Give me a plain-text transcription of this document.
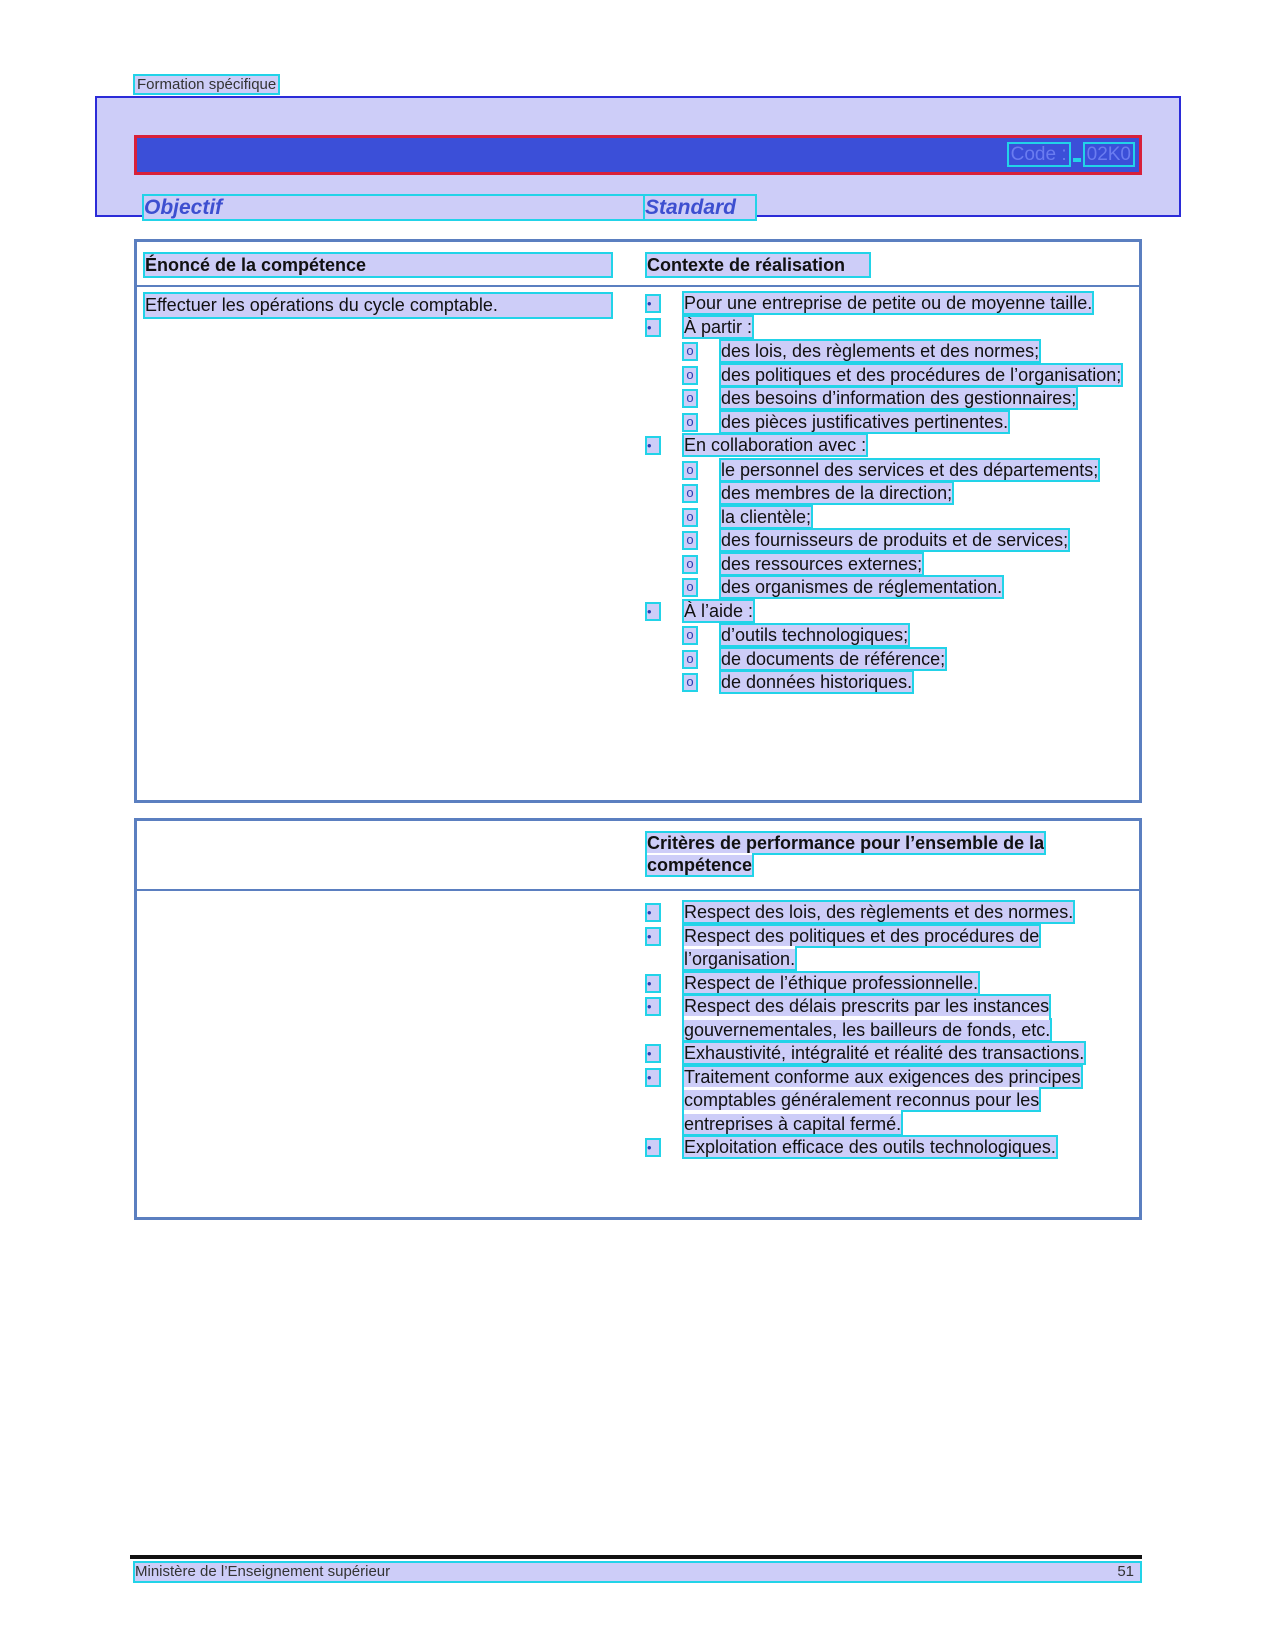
Formation spécifique
Code : 02K0
Objectif	Standard
Énoncé de la compétence	Contexte de réalisation
Effectuer les opérations du cycle comptable.	•	Pour une entreprise de petite ou de moyenne taille.
•	À partir :
o des lois, des règlements et des normes;
o des politiques et des procédures de l’organisation;
o des besoins d’information des gestionnaires;
o des pièces justificatives pertinentes.
•	En collaboration avec :
o le personnel des services et des départements;
o des membres de la direction;
o la clientèle;
o des fournisseurs de produits et de services;
o des ressources externes;
o des organismes de réglementation.
•	À l’aide :
o d’outils technologiques;
o de documents de référence;
o de données historiques.
Critères de performance pour l’ensemble de la compétence
•	Respect des lois, des règlements et des normes.
•	Respect des politiques et des procédures de l’organisation.
•	Respect de l’éthique professionnelle.
•	Respect des délais prescrits par les instances gouvernementales, les bailleurs de fonds, etc.
•	Exhaustivité, intégralité et réalité des transactions.
•	Traitement conforme aux exigences des principes comptables généralement reconnus pour les entreprises à capital fermé.
•	Exploitation efficace des outils technologiques.
Ministère de l’Enseignement supérieur	51
